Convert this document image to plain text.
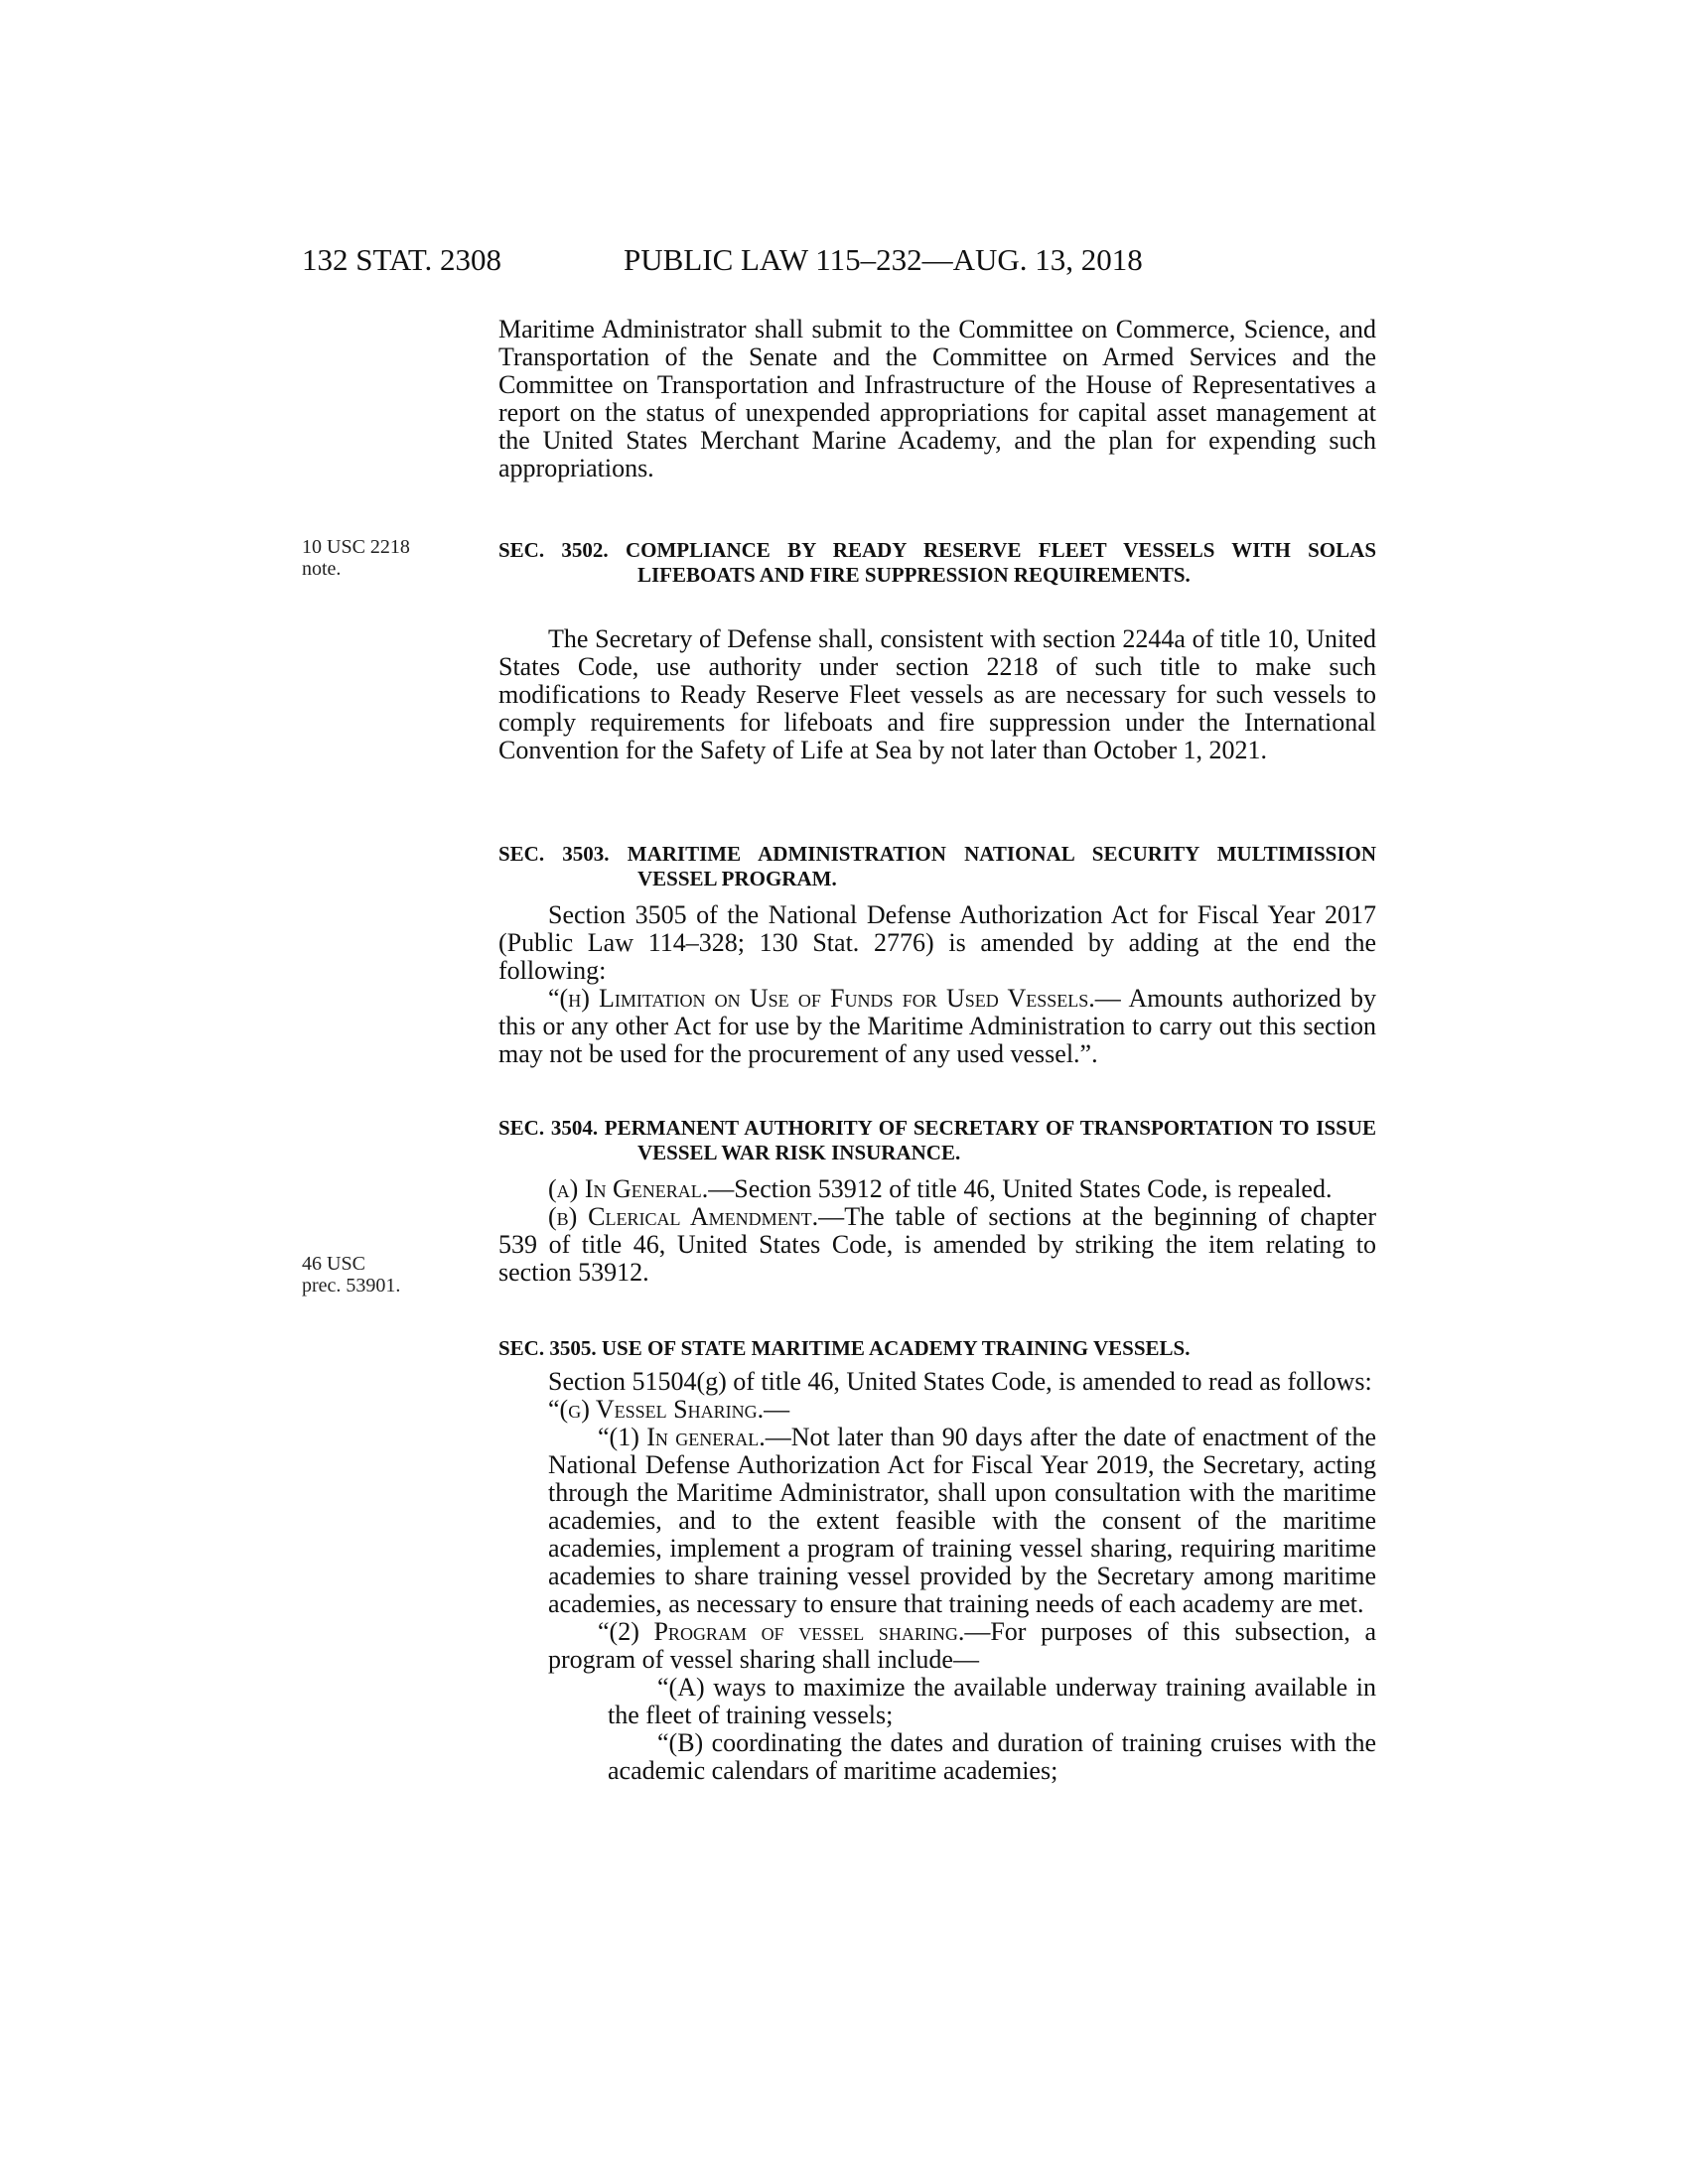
132 STAT. 2308	PUBLIC LAW 115–232—AUG. 13, 2018

Maritime Administrator shall submit to the Committee on Commerce, Science, and Transportation of the Senate and the Committee on Armed Services and the Committee on Transportation and Infrastructure of the House of Representatives a report on the status of unexpended appropriations for capital asset management at the United States Merchant Marine Academy, and the plan for expending such appropriations.

10 USC 2218
note.
SEC. 3502. COMPLIANCE BY READY RESERVE FLEET VESSELS WITH SOLAS LIFEBOATS AND FIRE SUPPRESSION REQUIREMENTS.

The Secretary of Defense shall, consistent with section 2244a of title 10, United States Code, use authority under section 2218 of such title to make such modifications to Ready Reserve Fleet vessels as are necessary for such vessels to comply requirements for lifeboats and fire suppression under the International Convention for the Safety of Life at Sea by not later than October 1, 2021.

SEC. 3503. MARITIME ADMINISTRATION NATIONAL SECURITY MULTIMISSION VESSEL PROGRAM.

Section 3505 of the National Defense Authorization Act for Fiscal Year 2017 (Public Law 114–328; 130 Stat. 2776) is amended by adding at the end the following:

“(h) Limitation on Use of Funds for Used Vessels.— Amounts authorized by this or any other Act for use by the Maritime Administration to carry out this section may not be used for the procurement of any used vessel.”.

SEC. 3504. PERMANENT AUTHORITY OF SECRETARY OF TRANSPORTATION TO ISSUE VESSEL WAR RISK INSURANCE.

(a) In General.—Section 53912 of title 46, United States Code, is repealed.

(b) Clerical Amendment.—The table of sections at the beginning of chapter 539 of title 46, United States Code, is amended by striking the item relating to section 53912.

46 USC
prec. 53901.
SEC. 3505. USE OF STATE MARITIME ACADEMY TRAINING VESSELS.

Section 51504(g) of title 46, United States Code, is amended to read as follows:

“(g) Vessel Sharing.—

“(1) In general.—Not later than 90 days after the date of enactment of the National Defense Authorization Act for Fiscal Year 2019, the Secretary, acting through the Maritime Administrator, shall upon consultation with the maritime academies, and to the extent feasible with the consent of the maritime academies, implement a program of training vessel sharing, requiring maritime academies to share training vessel provided by the Secretary among maritime academies, as necessary to ensure that training needs of each academy are met.

“(2) Program of vessel sharing.—For purposes of this subsection, a program of vessel sharing shall include—

“(A) ways to maximize the available underway training available in the fleet of training vessels;

“(B) coordinating the dates and duration of training cruises with the academic calendars of maritime academies;
